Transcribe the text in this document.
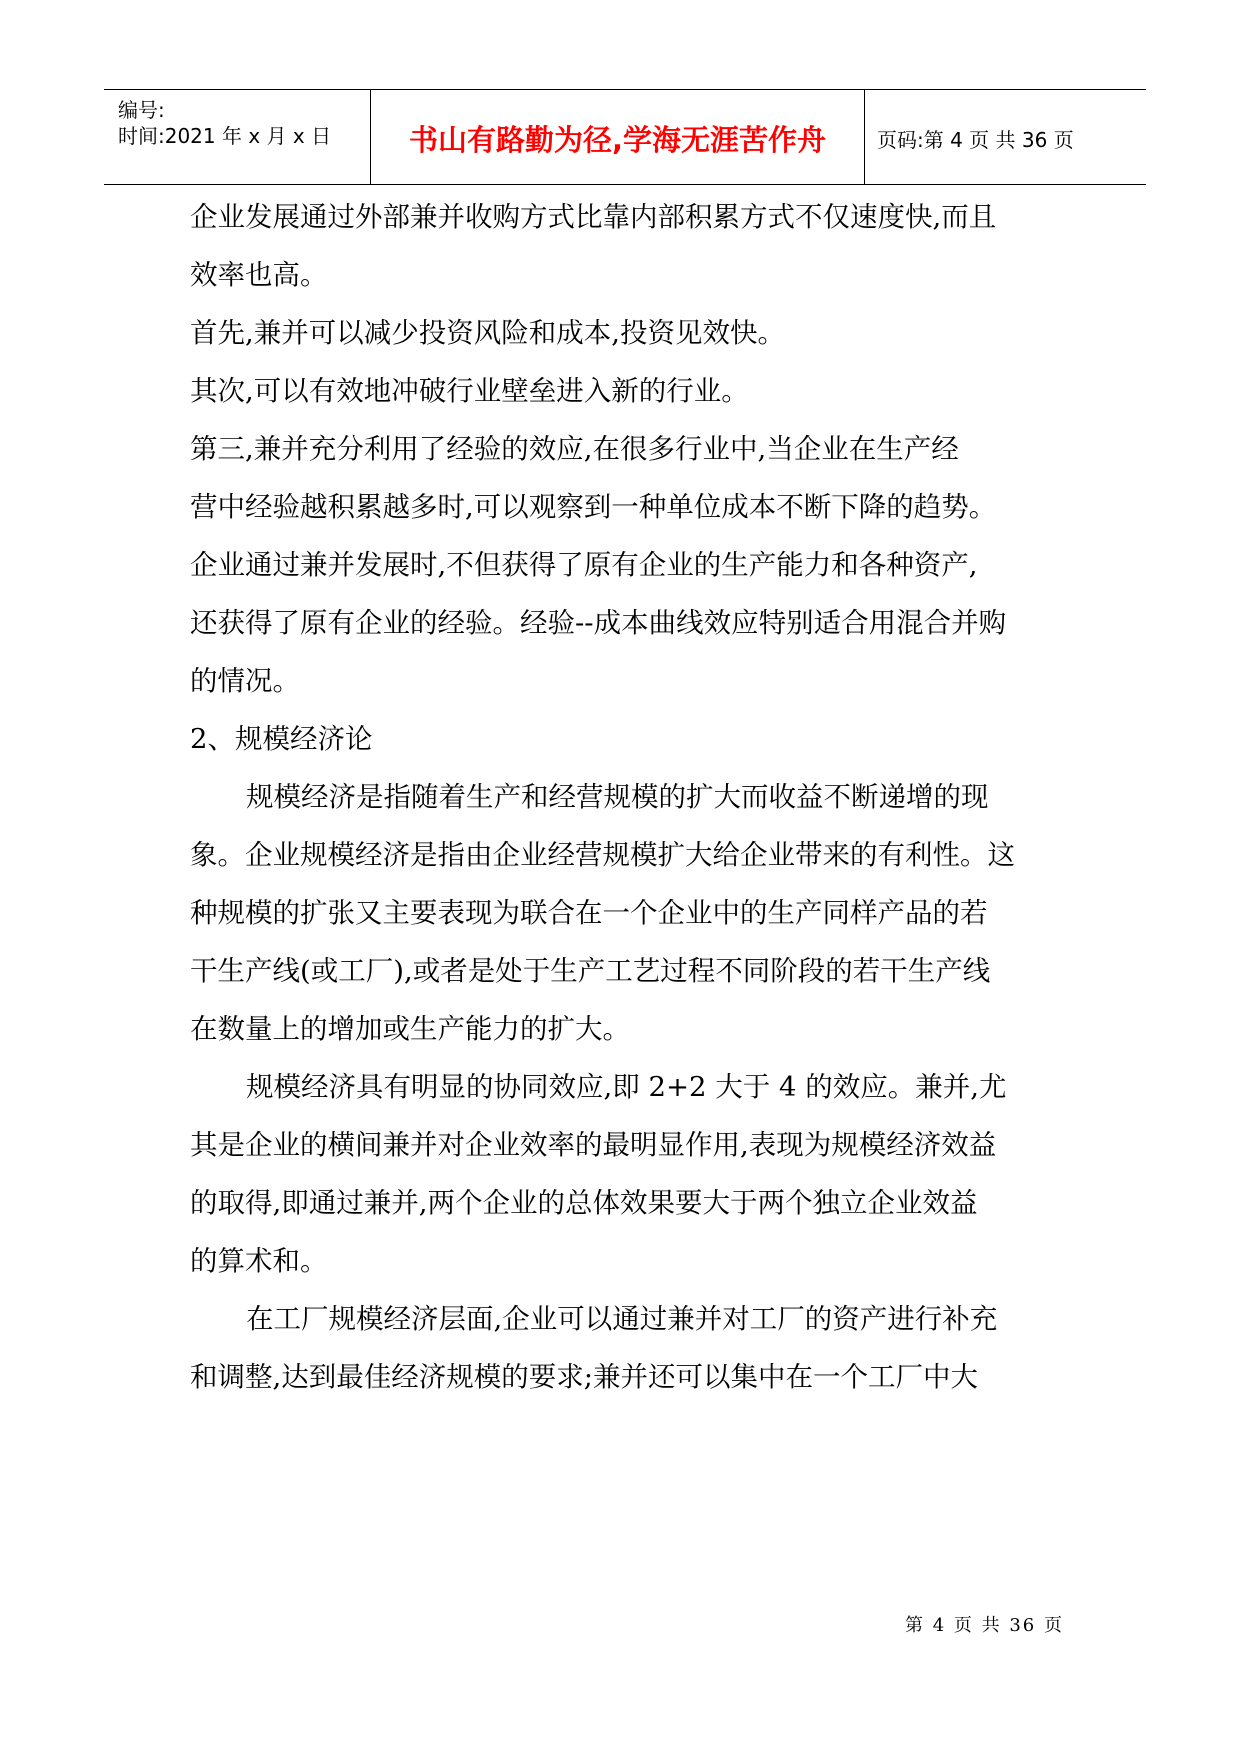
编号:
时间:2021 年 x 月 x 日	书山有路勤为径,学海无涯苦作舟	页码:第 4 页 共 36 页
企业发展通过外部兼并收购方式比靠内部积累方式不仅速度快,而且
效率也高。
首先,兼并可以减少投资风险和成本,投资见效快。
其次,可以有效地冲破行业壁垒进入新的行业。
第三,兼并充分利用了经验的效应,在很多行业中,当企业在生产经
营中经验越积累越多时,可以观察到一种单位成本不断下降的趋势。
企业通过兼并发展时,不但获得了原有企业的生产能力和各种资产,
还获得了原有企业的经验。经验--成本曲线效应特别适合用混合并购
的情况。
2、规模经济论
规模经济是指随着生产和经营规模的扩大而收益不断递增的现
象。企业规模经济是指由企业经营规模扩大给企业带来的有利性。这
种规模的扩张又主要表现为联合在一个企业中的生产同样产品的若
干生产线(或工厂),或者是处于生产工艺过程不同阶段的若干生产线
在数量上的增加或生产能力的扩大。
规模经济具有明显的协同效应,即 2+2 大于 4 的效应。兼并,尤
其是企业的横间兼并对企业效率的最明显作用,表现为规模经济效益
的取得,即通过兼并,两个企业的总体效果要大于两个独立企业效益
的算术和。
在工厂规模经济层面,企业可以通过兼并对工厂的资产进行补充
和调整,达到最佳经济规模的要求;兼并还可以集中在一个工厂中大
第 4 页 共 36 页
